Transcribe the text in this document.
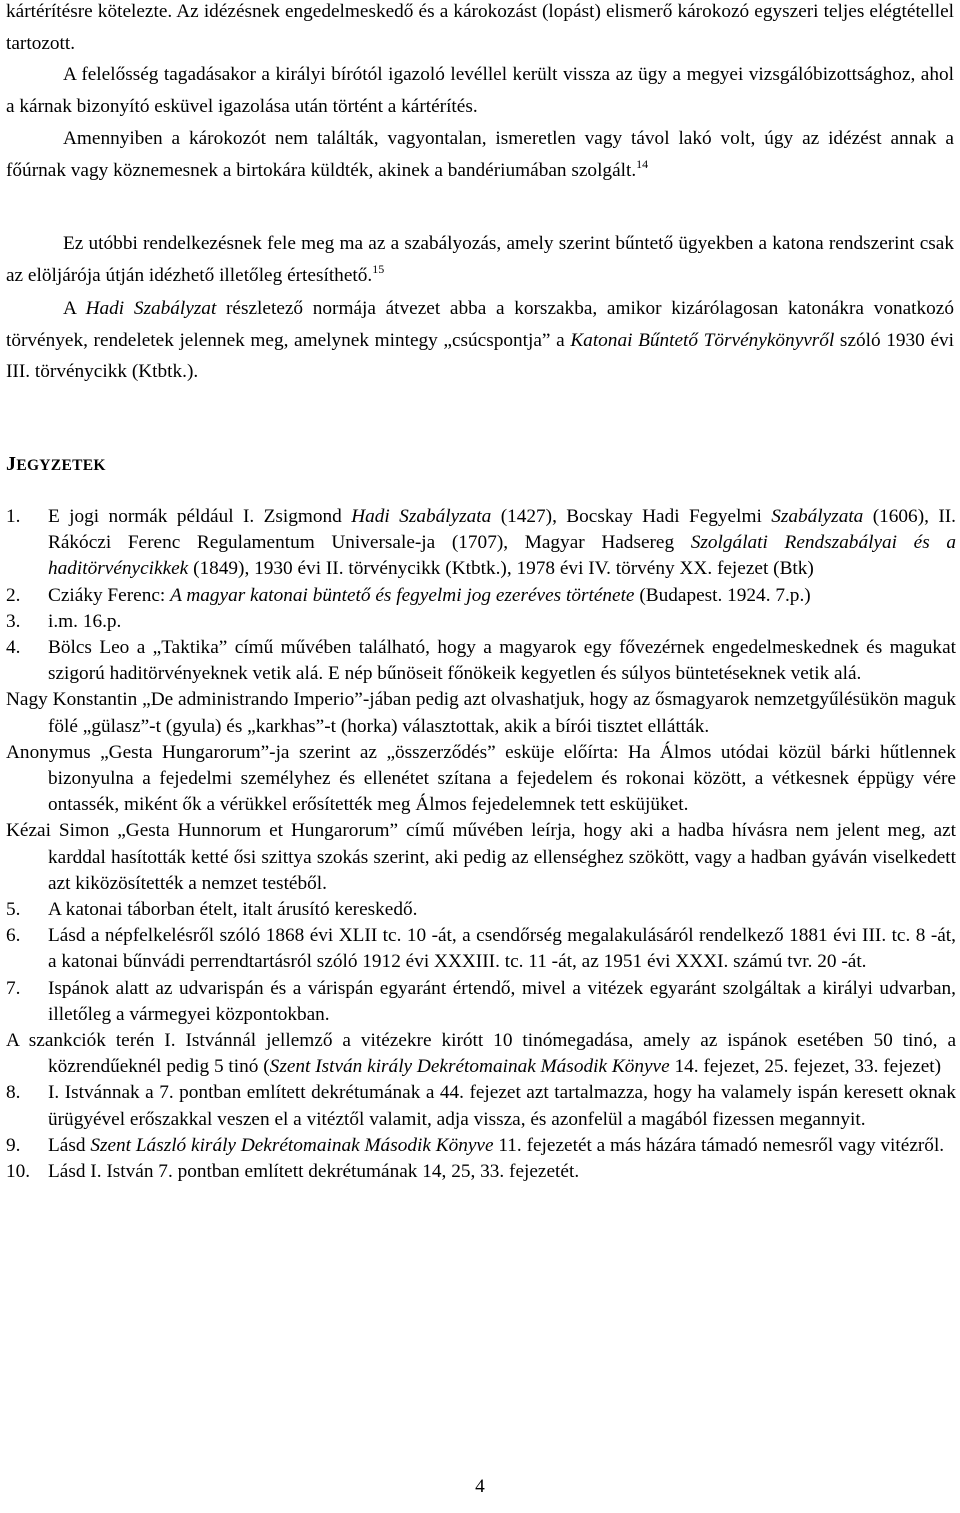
kártérítésre kötelezte. Az idézésnek engedelmeskedő és a károkozást (lopást) elismerő károkozó egyszeri teljes elégtétellel tartozott.
A felelősség tagadásakor a királyi bírótól igazoló levéllel került vissza az ügy a megyei vizsgálóbizottsághoz, ahol a kárnak bizonyító esküvel igazolása után történt a kártérítés.
Amennyiben a károkozót nem találták, vagyontalan, ismeretlen vagy távol lakó volt, úgy az idézést annak a főúrnak vagy köznemesnek a birtokára küldték, akinek a bandériumában szolgált.$^{14}$
Ez utóbbi rendelkezésnek fele meg ma az a szabályozás, amely szerint bűntető ügyekben a katona rendszerint csak az elöljárója útján idézhető illetőleg értesíthető.$^{15}$
A Hadi Szabályzat részletező normája átvezet abba a korszakba, amikor kizárólagosan katonákra vonatkozó törvények, rendeletek jelennek meg, amelynek mintegy „csúcspontja” a Katonai Bűntető Törvénykönyvről szóló 1930 évi III. törvénycikk (Ktbtk.).
JEGYZETEK
1.	E jogi normák például I. Zsigmond Hadi Szabályzata (1427), Bocskay Hadi Fegyelmi Szabályzata (1606), II. Rákóczi Ferenc Regulamentum Universale-ja (1707), Magyar Hadsereg Szolgálati Rendszabályai és a haditörvénycikkek (1849), 1930 évi II. törvénycikk (Ktbtk.), 1978 évi IV. törvény XX. fejezet (Btk)
2.	Cziáky Ferenc: A magyar katonai büntető és fegyelmi jog ezeréves története (Budapest. 1924. 7.p.)
3.	i.m. 16.p.
4.	Bölcs Leo a „Taktika” című művében található, hogy a magyarok egy fővezérnek engedelmeskednek és magukat szigorú haditörvényeknek vetik alá. E nép bűnöseit főnökeik kegyetlen és súlyos büntetéseknek vetik alá.
Nagy Konstantin „De administrando Imperio”-jában pedig azt olvashatjuk, hogy az ősmagyarok nemzetgyűlésükön maguk fölé „gülasz”-t (gyula) és „karkhas”-t (horka) választottak, akik a bírói tisztet ellátták.
Anonymus „Gesta Hungarorum”-ja szerint az „összerződés” esküje előírta: Ha Álmos utódai közül bárki hűtlennek bizonyulna a fejedelmi személyhez és ellenétet szítana a fejedelem és rokonai között, a vétkesnek éppügy vére ontassék, miként ők a vérükkel erősítették meg Álmos fejedelemnek tett esküjüket.
Kézai Simon „Gesta Hunnorum et Hungarorum” című művében leírja, hogy aki a hadba hívásra nem jelent meg, azt karddal hasították ketté ősi szittya szokás szerint, aki pedig az ellenséghez szökött, vagy a hadban gyáván viselkedett azt kiközösítették a nemzet testéből.
5.	A katonai táborban ételt, italt árusító kereskedő.
6.	Lásd a népfelkelésről szóló 1868 évi XLII tc. 10 -át, a csendőrség megalakulásáról rendelkező 1881 évi III. tc. 8 -át, a katonai bűnvádi perrendtartásról szóló 1912 évi XXXIII. tc. 11 -át, az 1951 évi XXXI. számú tvr. 20 -át.
7.	Ispánok alatt az udvarispán és a várispán egyaránt értendő, mivel a vitézek egyaránt szolgáltak a királyi udvarban, illetőleg a vármegyei központokban.
A szankciók terén I. Istvánnál jellemző a vitézekre kirótt 10 tinómegadása, amely az ispánok esetében 50 tinó, a közrendűeknél pedig 5 tinó (Szent István király Dekrétomainak Második Könyve 14. fejezet, 25. fejezet, 33. fejezet)
8.	I. Istvánnak a 7. pontban említett dekrétumának a 44. fejezet azt tartalmazza, hogy ha valamely ispán keresett oknak ürügyével erőszakkal veszen el a vitéztől valamit, adja vissza, és azonfelül a magából fizessen megannyit.
9.	Lásd Szent László király Dekrétomainak Második Könyve 11. fejezetét a más házára támadó nemesről vagy vitézről.
10. Lásd I. István 7. pontban említett dekrétumának 14, 25, 33. fejezetét.
4
